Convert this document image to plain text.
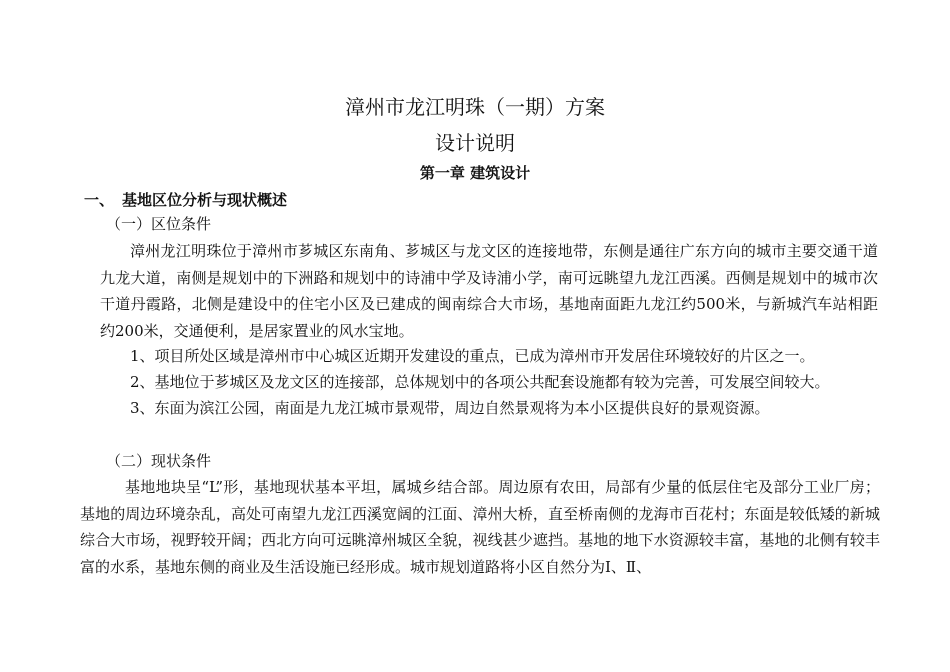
漳州市龙江明珠（一期）方案
设计说明
第一章 建筑设计
一、 基地区位分析与现状概述
（一）区位条件
漳州龙江明珠位于漳州市芗城区东南角、芗城区与龙文区的连接地带，东侧是通往广东方向的城市主要交通干道九龙大道，南侧是规划中的下洲路和规划中的诗浦中学及诗浦小学，南可远眺望九龙江西溪。西侧是规划中的城市次干道丹霞路，北侧是建设中的住宅小区及已建成的闽南综合大市场，基地南面距九龙江约500米，与新城汽车站相距约200米，交通便利，是居家置业的风水宝地。
1、项目所处区域是漳州市中心城区近期开发建设的重点，已成为漳州市开发居住环境较好的片区之一。
2、基地位于芗城区及龙文区的连接部，总体规划中的各项公共配套设施都有较为完善，可发展空间较大。
3、东面为滨江公园，南面是九龙江城市景观带，周边自然景观将为本小区提供良好的景观资源。
（二）现状条件
基地地块呈“L”形，基地现状基本平坦，属城乡结合部。周边原有农田，局部有少量的低层住宅及部分工业厂房；基地的周边环境杂乱，高处可南望九龙江西溪宽阔的江面、漳州大桥，直至桥南侧的龙海市百花村；东面是较低矮的新城综合大市场，视野较开阔；西北方向可远眺漳州城区全貌，视线甚少遮挡。基地的地下水资源较丰富，基地的北侧有较丰富的水系，基地东侧的商业及生活设施已经形成。城市规划道路将小区自然分为Ⅰ、Ⅱ、
